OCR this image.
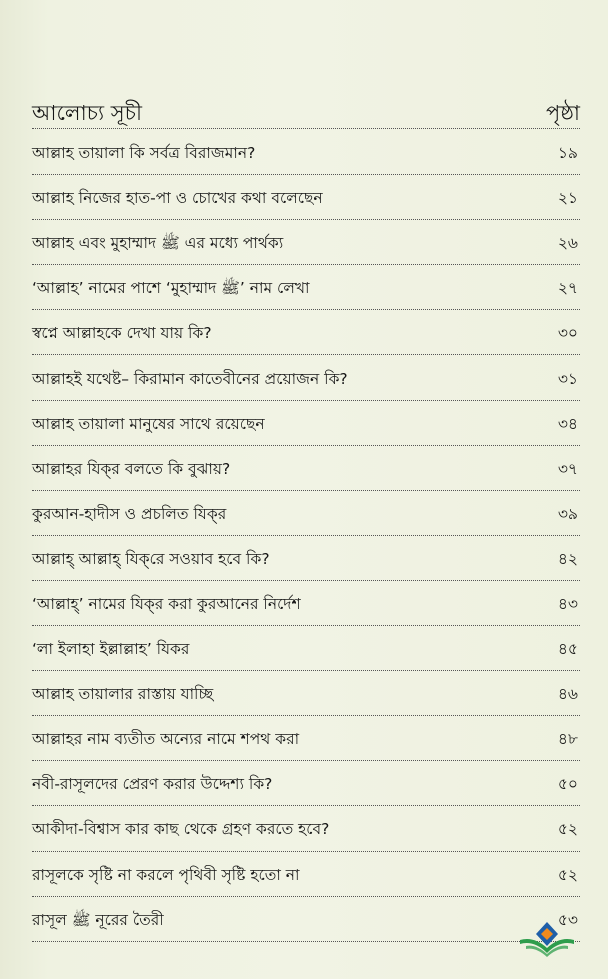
আলোচ্য সূচী	পৃষ্ঠা
আল্লাহ তায়ালা কি সর্বত্র বিরাজমান?	১৯
আল্লাহ নিজের হাত-পা ও চোখের কথা বলেছেন	২১
আল্লাহ এবং মুহাম্মাদ ﷺ এর মধ্যে পার্থক্য	২৬
‘আল্লাহ’ নামের পাশে ‘মুহাম্মাদ ﷺ’ নাম লেখা	২৭
স্বপ্নে আল্লাহকে দেখা যায় কি?	৩০
আল্লাহই যথেষ্ট– কিরামান কাতেবীনের প্রয়োজন কি?	৩১
আল্লাহ তায়ালা মানুষের সাথে রয়েছেন	৩৪
আল্লাহর যিক্‌র বলতে কি বুঝায়?	৩৭
কুরআন-হাদীস ও প্রচলিত যিক্‌র	৩৯
আল্লাহ্‌ আল্লাহ্‌ যিক্‌রে সওয়াব হবে কি?	৪২
‘আল্লাহ্‌’ নামের যিক্‌র করা কুরআনের নির্দেশ	৪৩
‘লা ইলাহা ইল্লাল্লাহ’ যিকর	৪৫
আল্লাহ তায়ালার রাস্তায় যাচ্ছি	৪৬
আল্লাহর নাম ব্যতীত অন্যের নামে শপথ করা	৪৮
নবী-রাসূলদের প্রেরণ করার উদ্দেশ্য কি?	৫০
আকীদা-বিশ্বাস কার কাছ থেকে গ্রহণ করতে হবে?	৫২
রাসূলকে সৃষ্টি না করলে পৃথিবী সৃষ্টি হতো না	৫২
রাসূল ﷺ নূরের তৈরী	৫৩
